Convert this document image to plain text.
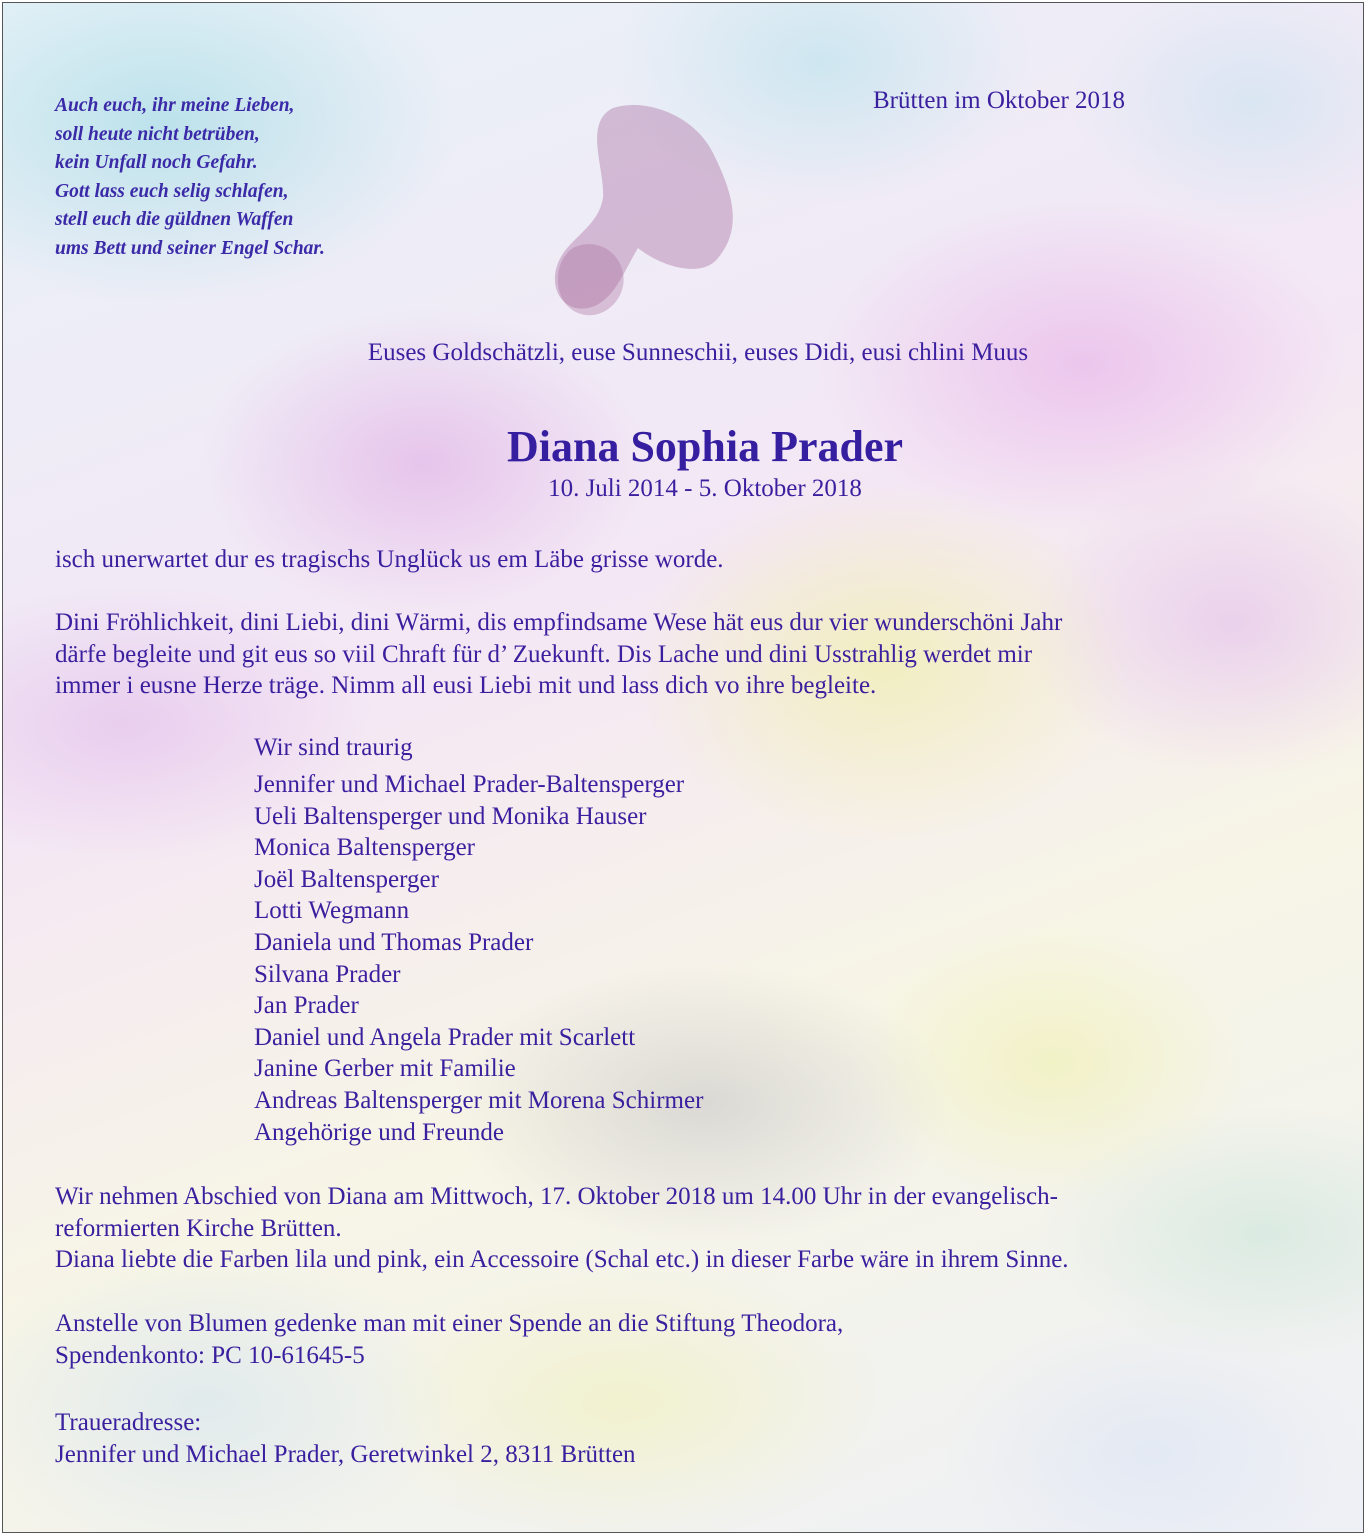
Auch euch, ihr meine Lieben,
soll heute nicht betrüben,
kein Unfall noch Gefahr.
Gott lass euch selig schlafen,
stell euch die güldnen Waffen
ums Bett und seiner Engel Schar.
Brütten im Oktober 2018
Euses Goldschätzli, euse Sunneschii, euses Didi, eusi chlini Muus
Diana Sophia Prader
10. Juli 2014 - 5. Oktober 2018
isch unerwartet dur es tragischs Unglück us em Läbe grisse worde.
Dini Fröhlichkeit, dini Liebi, dini Wärmi, dis empfindsame Wese hät eus dur vier wunderschöni Jahr
därfe begleite und git eus so viil Chraft für d’ Zuekunft. Dis Lache und dini Usstrahlig werdet mir
immer i eusne Herze träge. Nimm all eusi Liebi mit und lass dich vo ihre begleite.
Wir sind traurig
Jennifer und Michael Prader-Baltensperger
Ueli Baltensperger und Monika Hauser
Monica Baltensperger
Joël Baltensperger
Lotti Wegmann
Daniela und Thomas Prader
Silvana Prader
Jan Prader
Daniel und Angela Prader mit Scarlett
Janine Gerber mit Familie
Andreas Baltensperger mit Morena Schirmer
Angehörige und Freunde
Wir nehmen Abschied von Diana am Mittwoch, 17. Oktober 2018 um 14.00 Uhr in der evangelisch-
reformierten Kirche Brütten.
Diana liebte die Farben lila und pink, ein Accessoire (Schal etc.) in dieser Farbe wäre in ihrem Sinne.
Anstelle von Blumen gedenke man mit einer Spende an die Stiftung Theodora,
Spendenkonto: PC 10-61645-5
Traueradresse:
Jennifer und Michael Prader, Geretwinkel 2, 8311 Brütten
